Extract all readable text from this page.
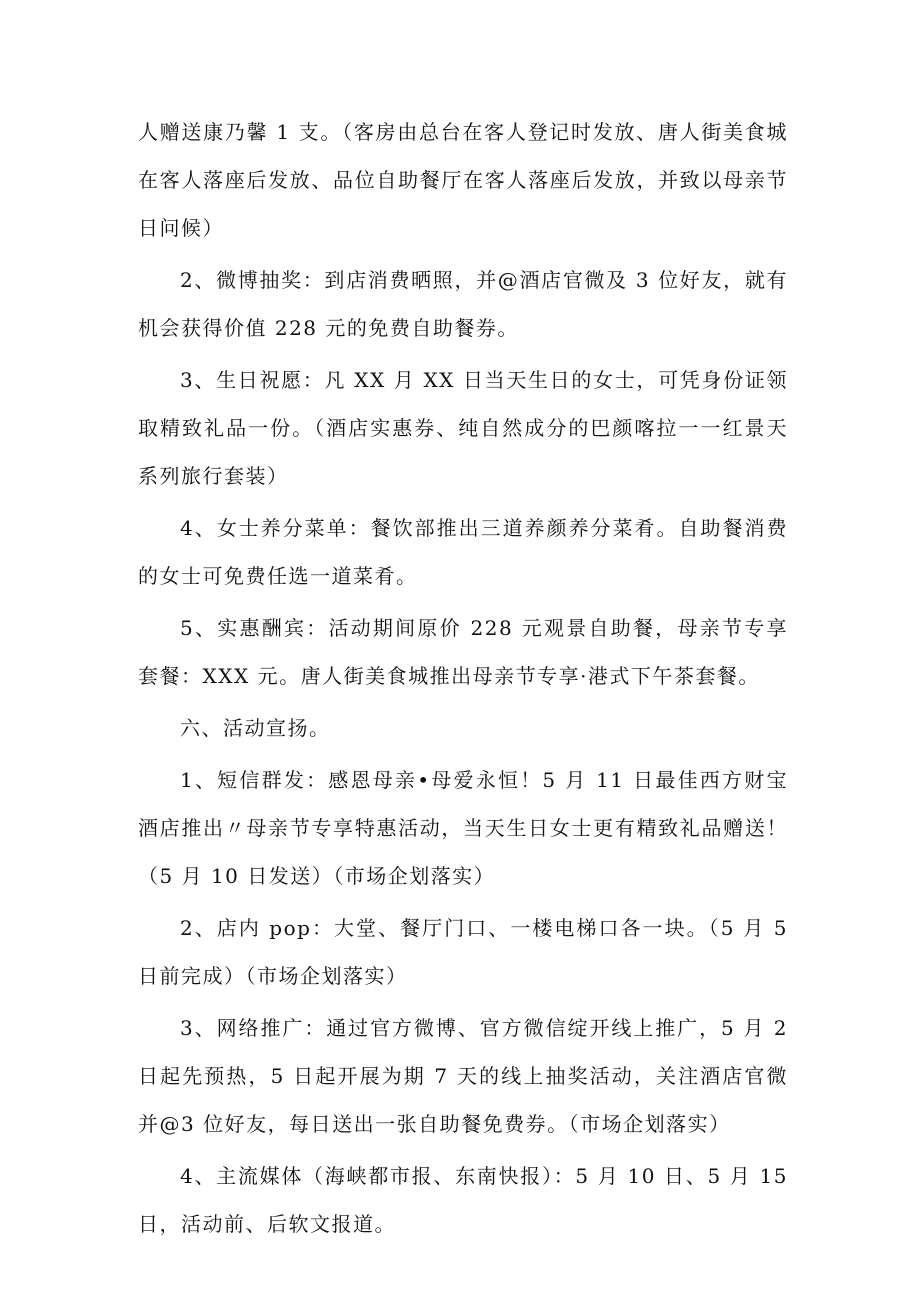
人赠送康乃馨 1 支。（客房由总台在客人登记时发放、唐人街美食城在客人落座后发放、品位自助餐厅在客人落座后发放，并致以母亲节日问候）

2、微博抽奖：到店消费晒照，并@酒店官微及 3 位好友，就有机会获得价值 228 元的免费自助餐券。

3、生日祝愿：凡 XX 月 XX 日当天生日的女士，可凭身份证领取精致礼品一份。（酒店实惠券、纯自然成分的巴颜喀拉一一红景天系列旅行套装）

4、女士养分菜单：餐饮部推出三道养颜养分菜肴。自助餐消费的女士可免费任选一道菜肴。

5、实惠酬宾：活动期间原价 228 元观景自助餐，母亲节专享套餐：XXX 元。唐人街美食城推出母亲节专享·港式下午茶套餐。

六、活动宣扬。

1、短信群发：感恩母亲•母爱永恒！5 月 11 日最佳西方财宝酒店推出〃母亲节专享特惠活动，当天生日女士更有精致礼品赠送！（5 月 10 日发送）（市场企划落实）

2、店内 pop：大堂、餐厅门口、一楼电梯口各一块。（5 月 5 日前完成）（市场企划落实）

3、网络推广：通过官方微博、官方微信绽开线上推广，5 月 2 日起先预热，5 日起开展为期 7 天的线上抽奖活动，关注酒店官微并@3 位好友，每日送出一张自助餐免费券。（市场企划落实）

4、主流媒体（海峡都市报、东南快报）：5 月 10 日、5 月 15 日，活动前、后软文报道。
